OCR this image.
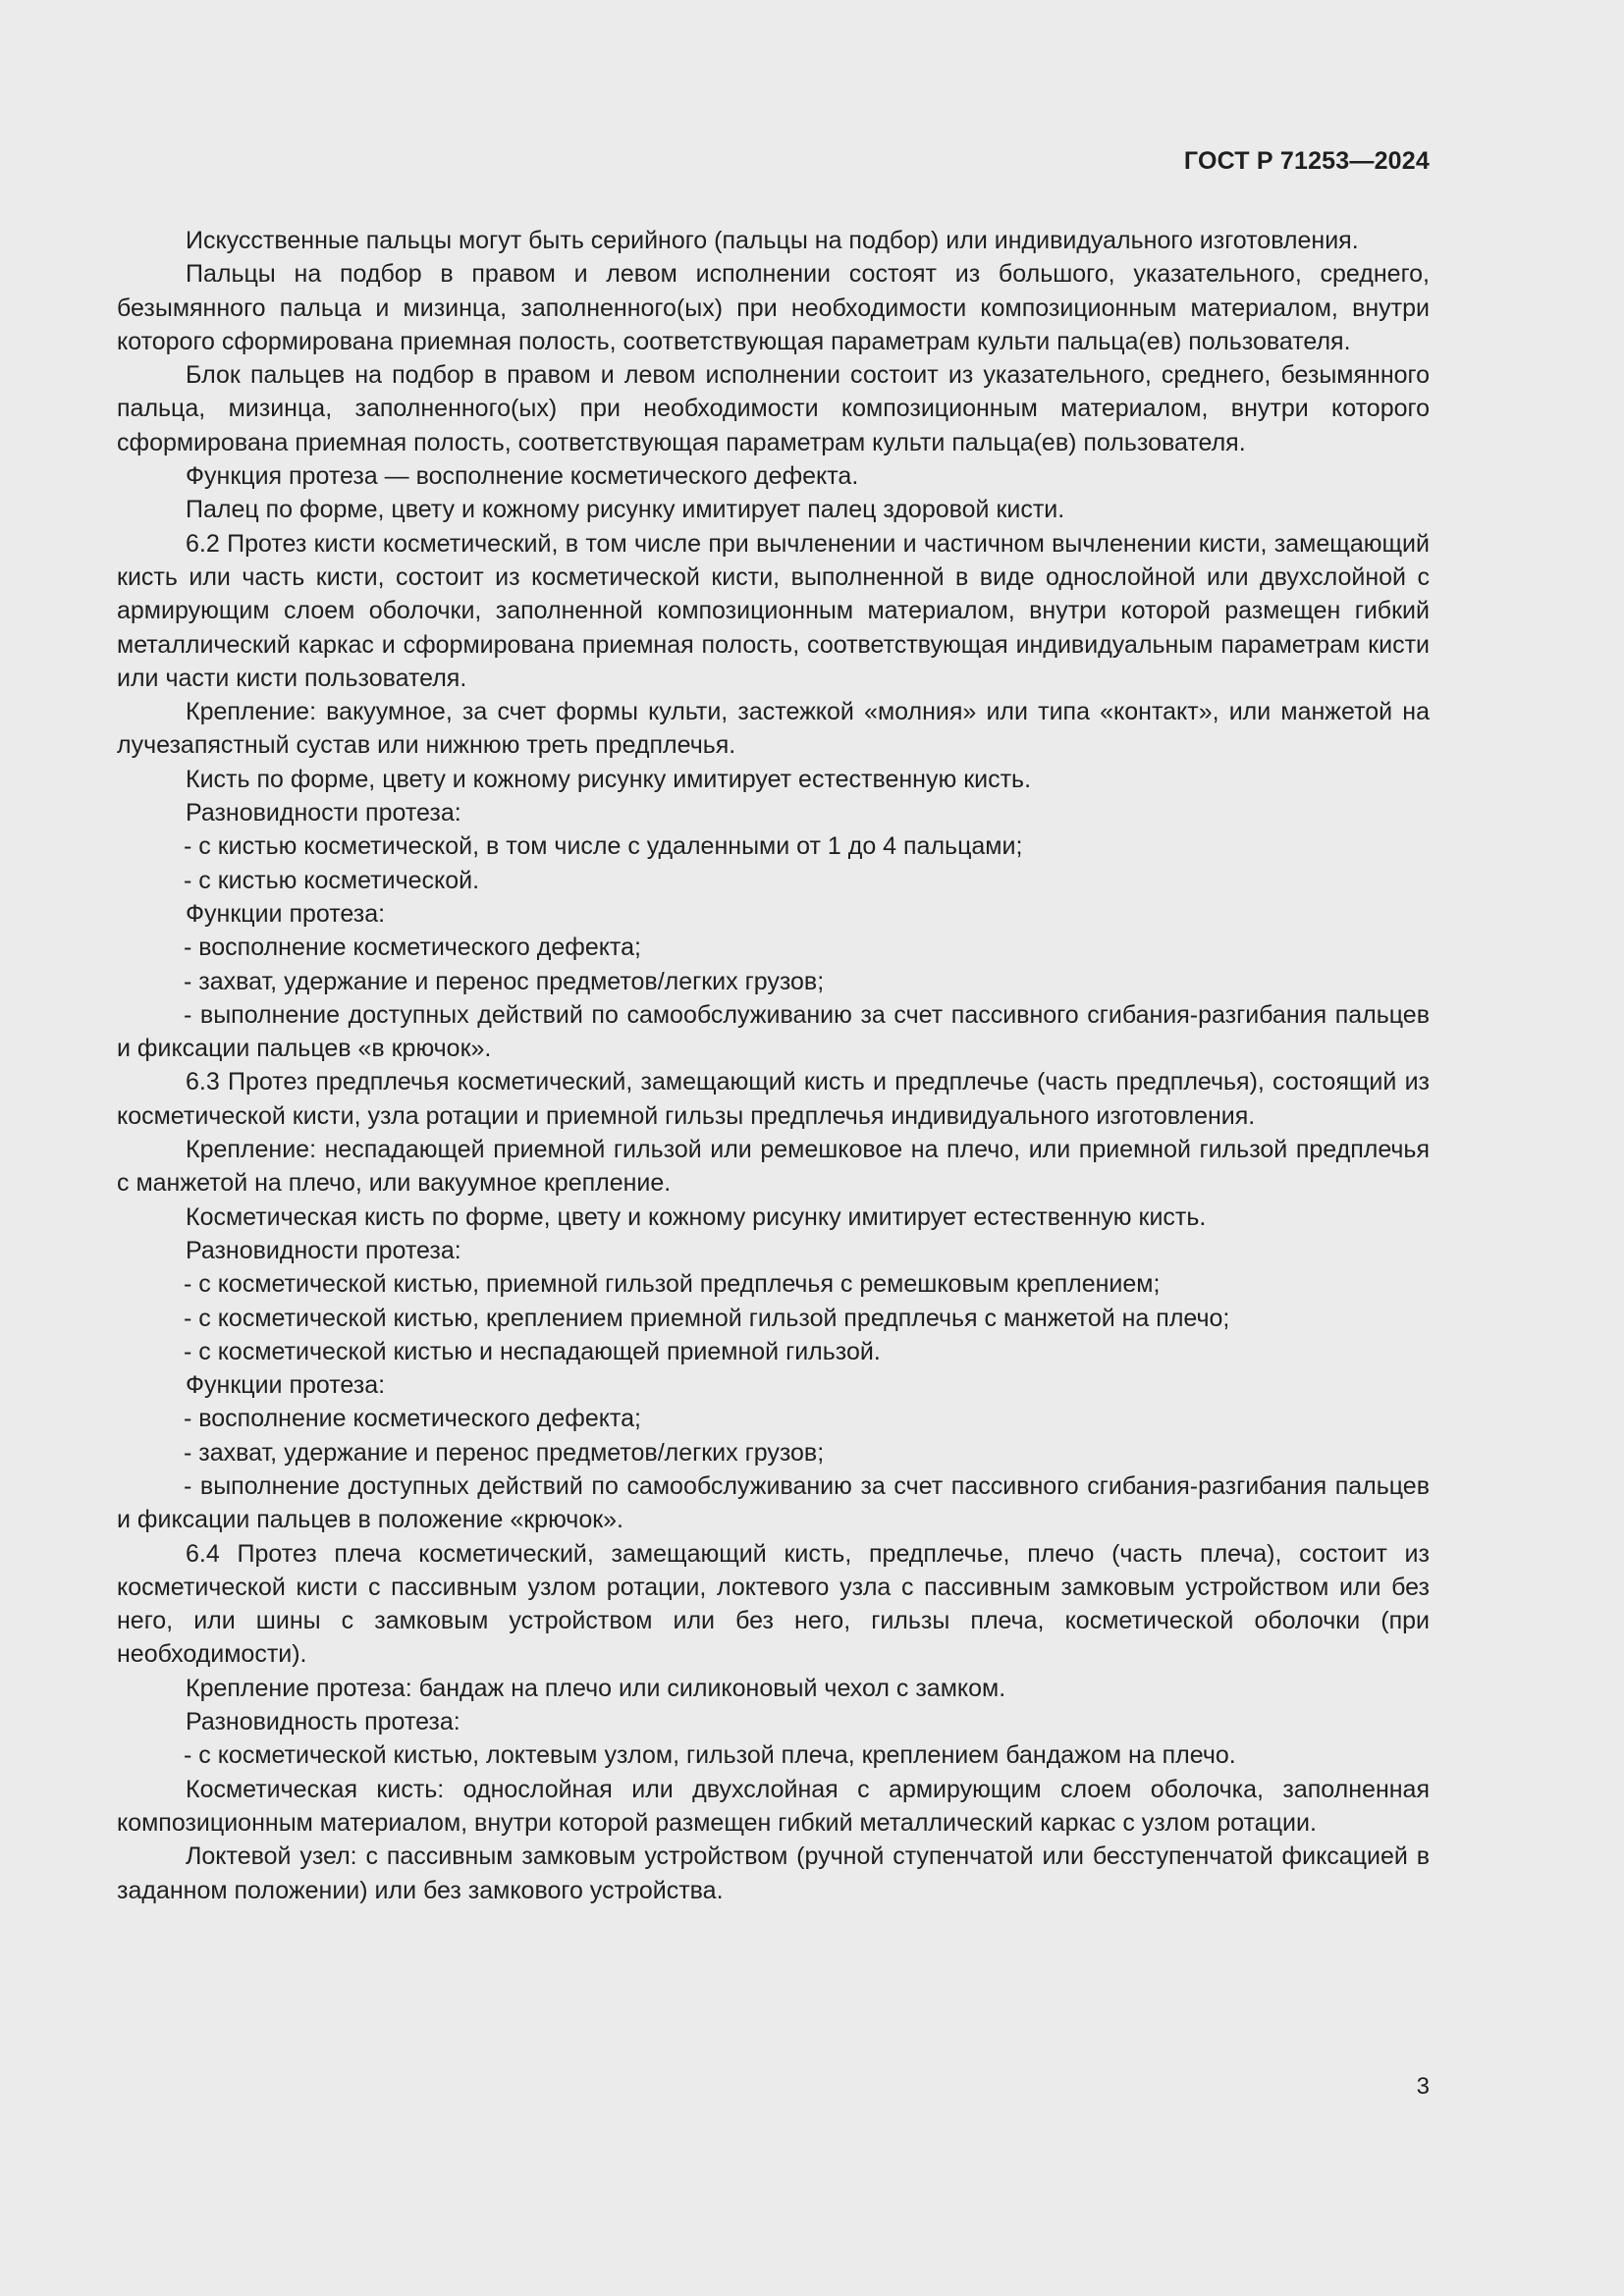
ГОСТ Р 71253—2024

Искусственные пальцы могут быть серийного (пальцы на подбор) или индивидуального изготовления.

Пальцы на подбор в правом и левом исполнении состоят из большого, указательного, среднего, безымянного пальца и мизинца, заполненного(ых) при необходимости композиционным материалом, внутри которого сформирована приемная полость, соответствующая параметрам культи пальца(ев) пользователя.

Блок пальцев на подбор в правом и левом исполнении состоит из указательного, среднего, безымянного пальца, мизинца, заполненного(ых) при необходимости композиционным материалом, внутри которого сформирована приемная полость, соответствующая параметрам культи пальца(ев) пользователя.

Функция протеза — восполнение косметического дефекта.

Палец по форме, цвету и кожному рисунку имитирует палец здоровой кисти.

6.2 Протез кисти косметический, в том числе при вычленении и частичном вычленении кисти, замещающий кисть или часть кисти, состоит из косметической кисти, выполненной в виде однослойной или двухслойной с армирующим слоем оболочки, заполненной композиционным материалом, внутри которой размещен гибкий металлический каркас и сформирована приемная полость, соответствующая индивидуальным параметрам кисти или части кисти пользователя.

Крепление: вакуумное, за счет формы культи, застежкой «молния» или типа «контакт», или манжетой на лучезапястный сустав или нижнюю треть предплечья.

Кисть по форме, цвету и кожному рисунку имитирует естественную кисть.

Разновидности протеза:

- с кистью косметической, в том числе с удаленными от 1 до 4 пальцами;

- с кистью косметической.

Функции протеза:

- восполнение косметического дефекта;

- захват, удержание и перенос предметов/легких грузов;

- выполнение доступных действий по самообслуживанию за счет пассивного сгибания-разгибания пальцев и фиксации пальцев «в крючок».

6.3 Протез предплечья косметический, замещающий кисть и предплечье (часть предплечья), состоящий из косметической кисти, узла ротации и приемной гильзы предплечья индивидуального изготовления.

Крепление: неспадающей приемной гильзой или ремешковое на плечо, или приемной гильзой предплечья с манжетой на плечо, или вакуумное крепление.

Косметическая кисть по форме, цвету и кожному рисунку имитирует естественную кисть.

Разновидности протеза:

- с косметической кистью, приемной гильзой предплечья с ремешковым креплением;

- с косметической кистью, креплением приемной гильзой предплечья с манжетой на плечо;

- с косметической кистью и неспадающей приемной гильзой.

Функции протеза:

- восполнение косметического дефекта;

- захват, удержание и перенос предметов/легких грузов;

- выполнение доступных действий по самообслуживанию за счет пассивного сгибания-разгибания пальцев и фиксации пальцев в положение «крючок».

6.4 Протез плеча косметический, замещающий кисть, предплечье, плечо (часть плеча), состоит из косметической кисти с пассивным узлом ротации, локтевого узла с пассивным замковым устройством или без него, или шины с замковым устройством или без него, гильзы плеча, косметической оболочки (при необходимости).

Крепление протеза: бандаж на плечо или силиконовый чехол с замком.

Разновидность протеза:

- с косметической кистью, локтевым узлом, гильзой плеча, креплением бандажом на плечо.

Косметическая кисть: однослойная или двухслойная с армирующим слоем оболочка, заполненная композиционным материалом, внутри которой размещен гибкий металлический каркас с узлом ротации.

Локтевой узел: с пассивным замковым устройством (ручной ступенчатой или бесступенчатой фиксацией в заданном положении) или без замкового устройства.

3
